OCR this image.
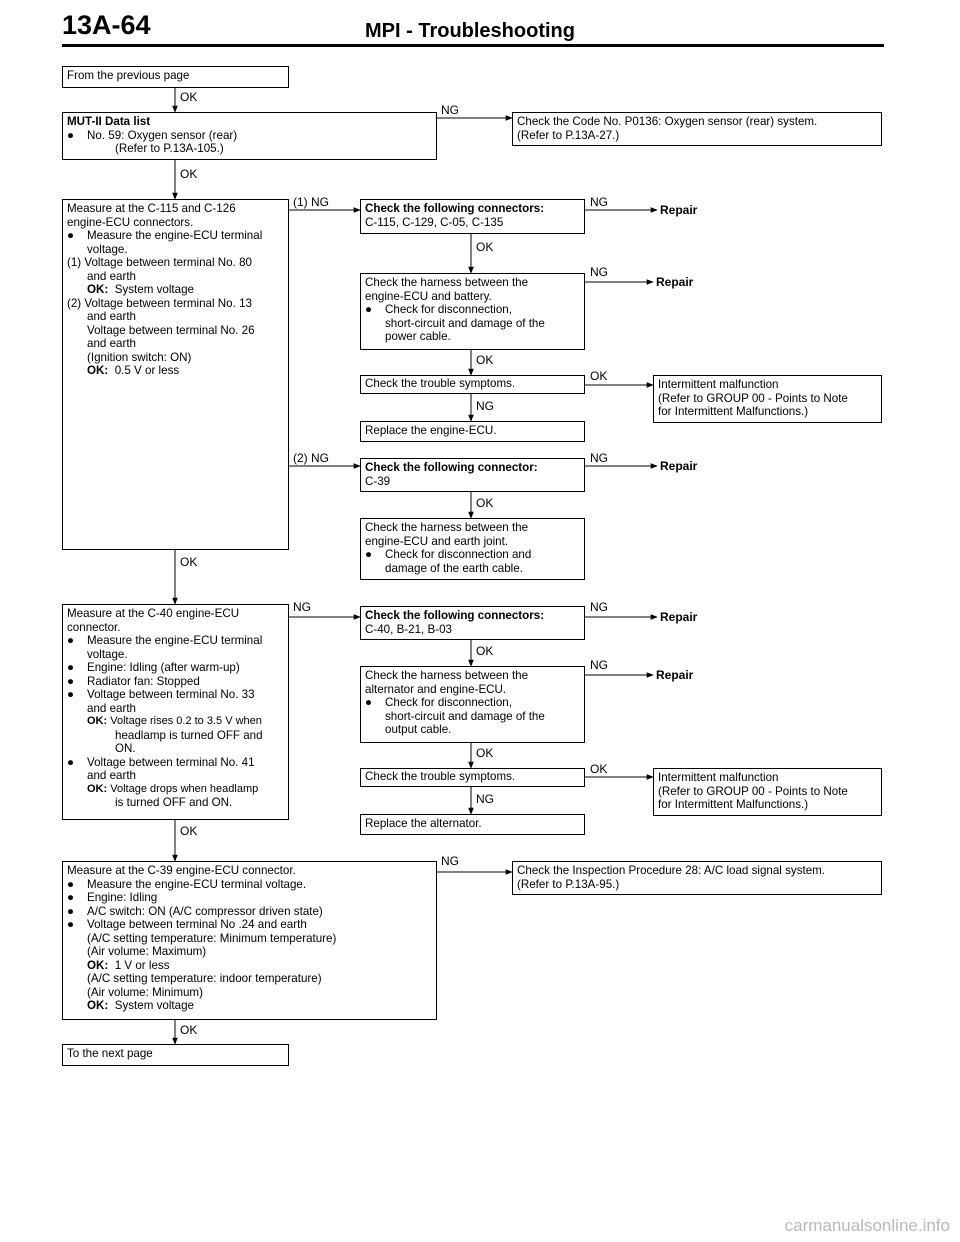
13A-64	MPI - Troubleshooting
From the previous page
MUT-II Data list
● No. 59: Oxygen sensor (rear)
(Refer to P.13A-105.)
Check the Code No. P0136: Oxygen sensor (rear) system.
(Refer to P.13A-27.)
Measure at the C-115 and C-126
engine-ECU connectors.
● Measure the engine-ECU terminal
voltage.
(1) Voltage between terminal No. 80
and earth
OK: System voltage
(2) Voltage between terminal No. 13
and earth
Voltage between terminal No. 26
and earth
(Ignition switch: ON)
OK: 0.5 V or less
Check the following connectors:
C-115, C-129, C-05, C-135
Check the harness between the
engine-ECU and battery.
● Check for disconnection,
short-circuit and damage of the
power cable.
Check the trouble symptoms.	Intermittent malfunction
(Refer to GROUP 00 - Points to Note
for Intermittent Malfunctions.)
Replace the engine-ECU.
Check the following connector:
C-39
Check the harness between the
engine-ECU and earth joint.
● Check for disconnection and
damage of the earth cable.
Measure at the C-40 engine-ECU
connector.
● Measure the engine-ECU terminal
voltage.
● Engine: Idling (after warm-up)
● Radiator fan: Stopped
● Voltage between terminal No. 33
and earth
OK: Voltage rises 0.2 to 3.5 V when
headlamp is turned OFF and
ON.
● Voltage between terminal No. 41
and earth
OK: Voltage drops when headlamp
is turned OFF and ON.
Check the following connectors:
C-40, B-21, B-03
Check the harness between the
alternator and engine-ECU.
● Check for disconnection,
short-circuit and damage of the
output cable.
Check the trouble symptoms.	Intermittent malfunction
(Refer to GROUP 00 - Points to Note
for Intermittent Malfunctions.)
Replace the alternator.
Measure at the C-39 engine-ECU connector.
● Measure the engine-ECU terminal voltage.
● Engine: Idling
● A/C switch: ON (A/C compressor driven state)
● Voltage between terminal No .24 and earth
(A/C setting temperature: Minimum temperature)
(Air volume: Maximum)
OK: 1 V or less
(A/C setting temperature: indoor temperature)
(Air volume: Minimum)
OK: System voltage
Check the Inspection Procedure 28: A/C load signal system.
(Refer to P.13A-95.)
To the next page
OK
NG
OK
(1) NG	NG
OK
NG
OK
OK
NG
(2) NG	NG
OK
OK
NG	NG
OK
NG
OK
OK
NG
OK
NG
OK
Repair
Repair
Repair
Repair
Repair
carmanualsonline.info
